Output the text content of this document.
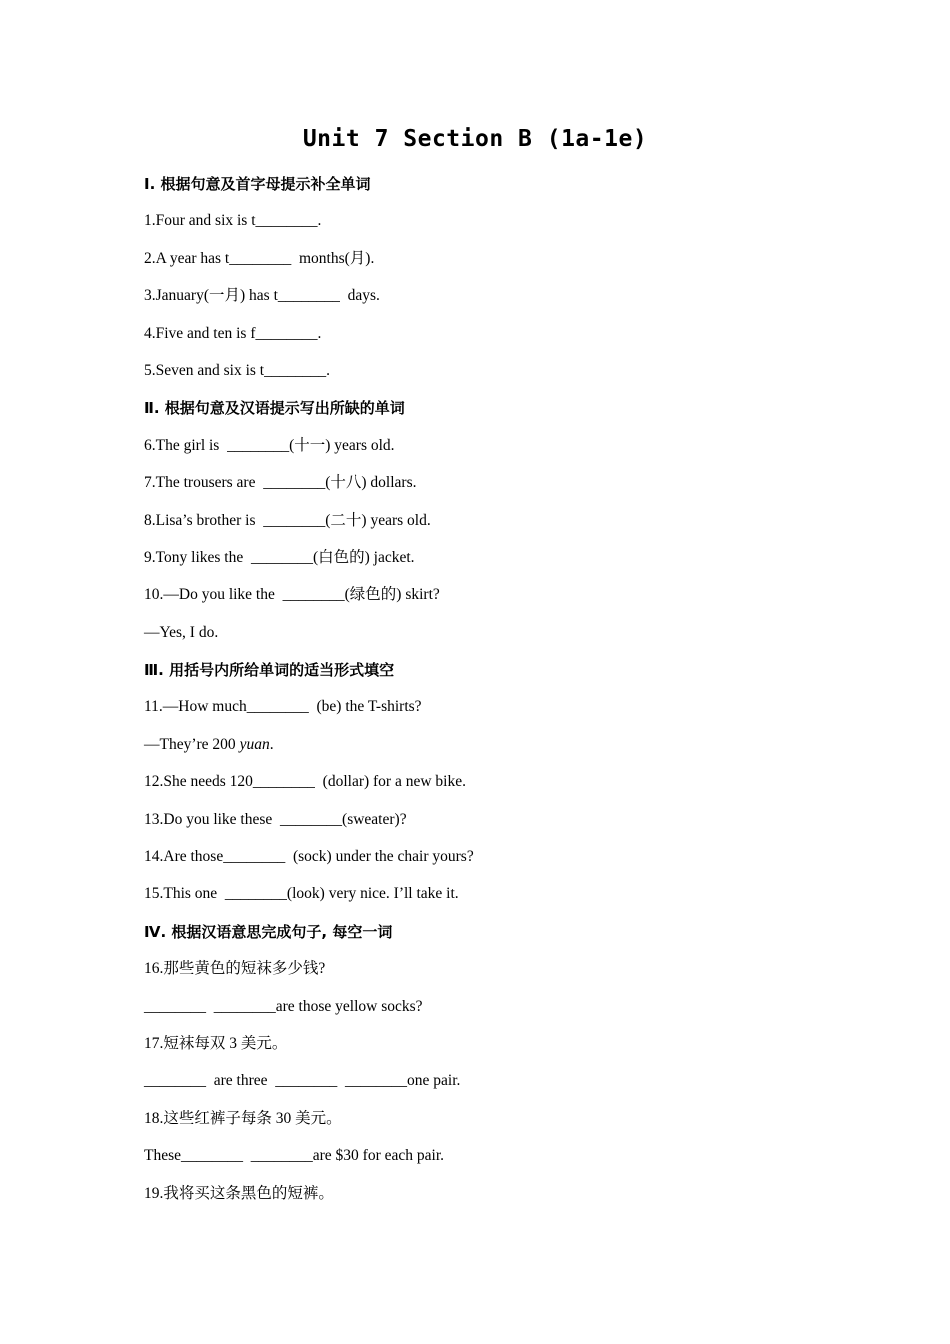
Unit 7 Section B (1a-1e)
Ⅰ. 根据句意及首字母提示补全单词
1.Four and six is t________.
2.A year has t________  months(月).
3.January(一月) has t________  days.
4.Five and ten is f________.
5.Seven and six is t________.
Ⅱ. 根据句意及汉语提示写出所缺的单词
6.The girl is  ________(十一) years old.
7.The trousers are  ________(十八) dollars.
8.Lisa’s brother is  ________(二十) years old.
9.Tony likes the  ________(白色的) jacket.
10.—Do you like the  ________(绿色的) skirt?
—Yes, I do.
Ⅲ. 用括号内所给单词的适当形式填空
11.—How much________  (be) the T-shirts?
—They’re 200 yuan.
12.She needs 120________  (dollar) for a new bike.
13.Do you like these  ________(sweater)?
14.Are those________  (sock) under the chair yours?
15.This one  ________(look) very nice. I’ll take it.
Ⅳ. 根据汉语意思完成句子, 每空一词
16.那些黄色的短袜多少钱?
________  ________are those yellow socks?
17.短袜每双 3 美元。
________  are three  ________  ________one pair.
18.这些红裤子每条 30 美元。
These________  ________are $30 for each pair.
19.我将买这条黑色的短裤。
